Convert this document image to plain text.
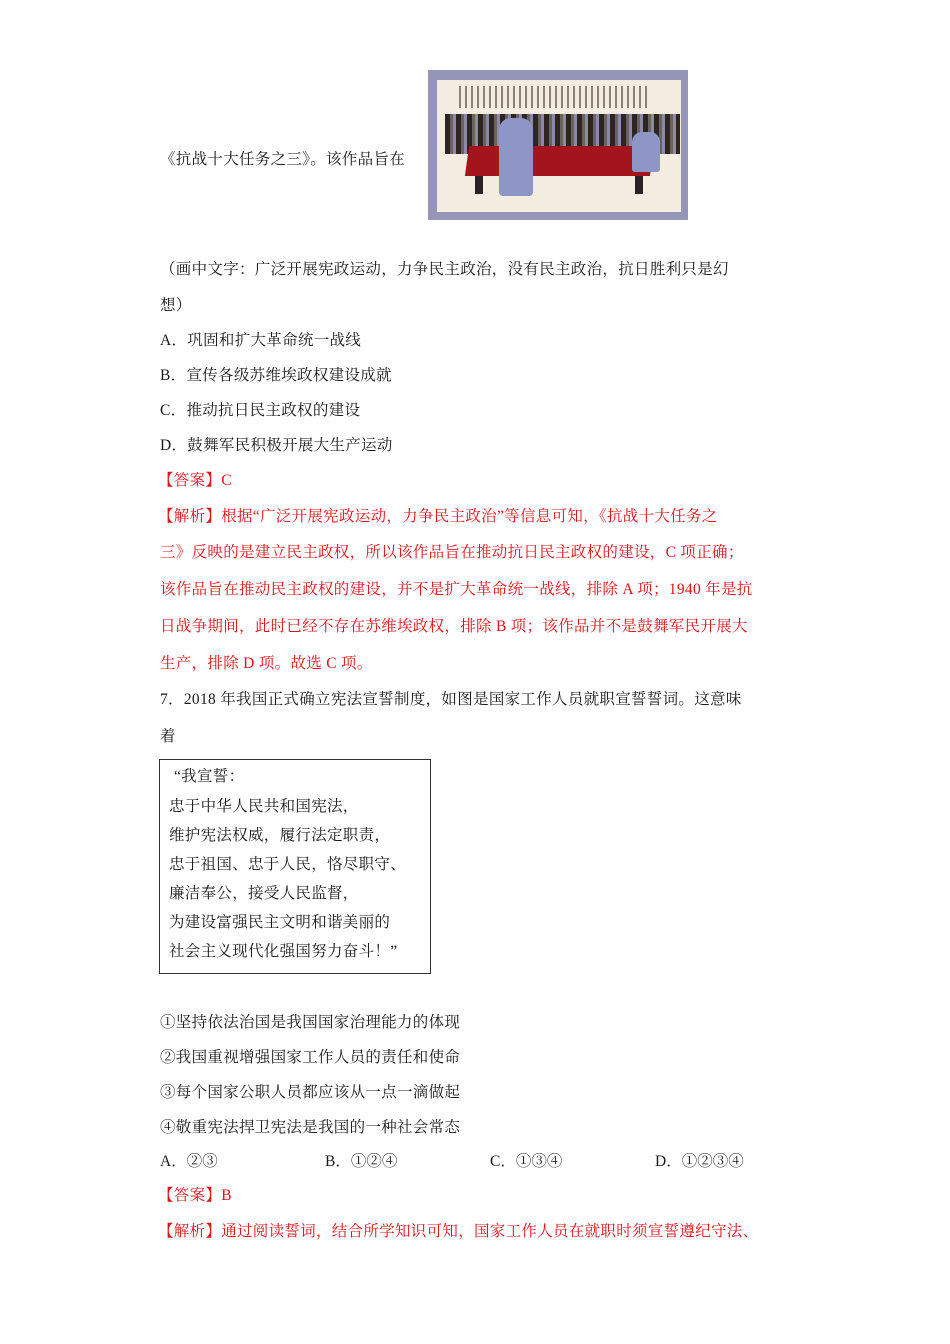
《抗战十大任务之三》。该作品旨在
（画中文字：广泛开展宪政运动，力争民主政治，没有民主政治，抗日胜利只是幻
想）
A．巩固和扩大革命统一战线
B．宣传各级苏维埃政权建设成就
C．推动抗日民主政权的建设
D．鼓舞军民积极开展大生产运动
【答案】C
【解析】根据“广泛开展宪政运动，力争民主政治”等信息可知，《抗战十大任务之
三》反映的是建立民主政权，所以该作品旨在推动抗日民主政权的建设，C 项正确；
该作品旨在推动民主政权的建设，并不是扩大革命统一战线，排除 A 项；1940 年是抗
日战争期间，此时已经不存在苏维埃政权，排除 B 项；该作品并不是鼓舞军民开展大
生产，排除 D 项。故选 C 项。
7．2018 年我国正式确立宪法宣誓制度，如图是国家工作人员就职宣誓誓词。这意味
着
“我宣誓：
忠于中华人民共和国宪法，
维护宪法权威，履行法定职责，
忠于祖国、忠于人民，恪尽职守、
廉洁奉公，接受人民监督，
为建设富强民主文明和谐美丽的
社会主义现代化强国努力奋斗！”
①坚持依法治国是我国国家治理能力的体现
②我国重视增强国家工作人员的责任和使命
③每个国家公职人员都应该从一点一滴做起
④敬重宪法捍卫宪法是我国的一种社会常态
A．②③	B．①②④	C．①③④	D．①②③④
【答案】B
【解析】通过阅读誓词，结合所学知识可知，国家工作人员在就职时须宣誓遵纪守法、
